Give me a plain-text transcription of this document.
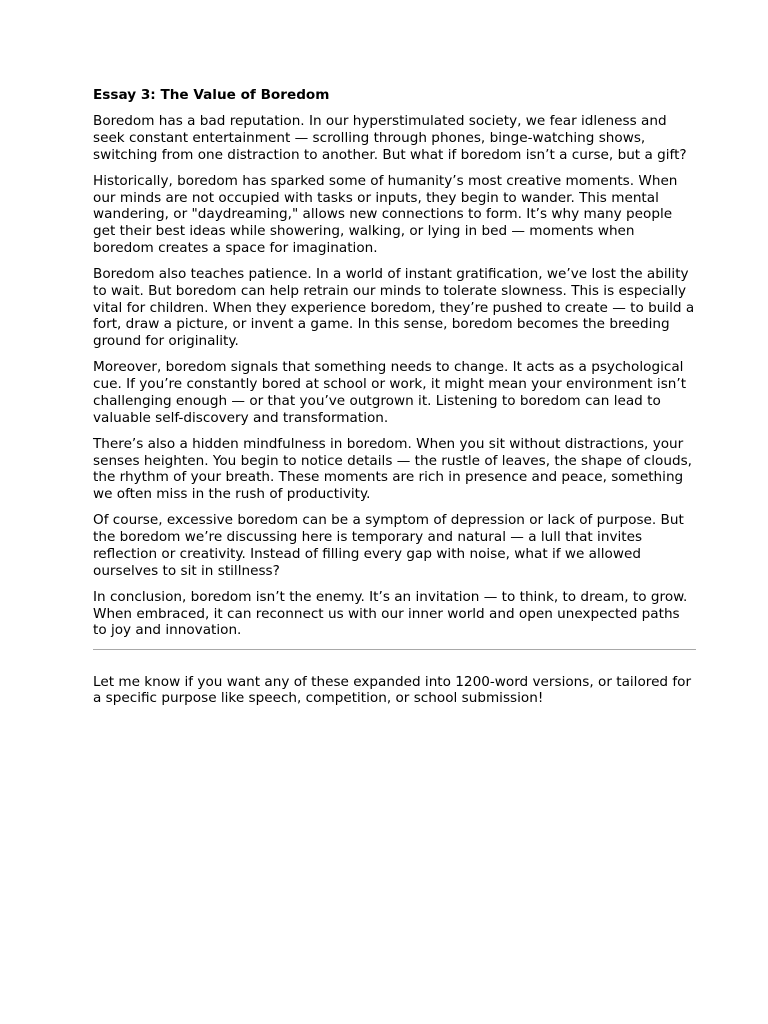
Essay 3: The Value of Boredom

Boredom has a bad reputation. In our hyperstimulated society, we fear idleness and seek constant entertainment — scrolling through phones, binge-watching shows, switching from one distraction to another. But what if boredom isn’t a curse, but a gift?

Historically, boredom has sparked some of humanity’s most creative moments. When our minds are not occupied with tasks or inputs, they begin to wander. This mental wandering, or "daydreaming," allows new connections to form. It’s why many people get their best ideas while showering, walking, or lying in bed — moments when boredom creates a space for imagination.

Boredom also teaches patience. In a world of instant gratification, we’ve lost the ability to wait. But boredom can help retrain our minds to tolerate slowness. This is especially vital for children. When they experience boredom, they’re pushed to create — to build a fort, draw a picture, or invent a game. In this sense, boredom becomes the breeding ground for originality.

Moreover, boredom signals that something needs to change. It acts as a psychological cue. If you’re constantly bored at school or work, it might mean your environment isn’t challenging enough — or that you’ve outgrown it. Listening to boredom can lead to valuable self-discovery and transformation.

There’s also a hidden mindfulness in boredom. When you sit without distractions, your senses heighten. You begin to notice details — the rustle of leaves, the shape of clouds, the rhythm of your breath. These moments are rich in presence and peace, something we often miss in the rush of productivity.

Of course, excessive boredom can be a symptom of depression or lack of purpose. But the boredom we’re discussing here is temporary and natural — a lull that invites reflection or creativity. Instead of filling every gap with noise, what if we allowed ourselves to sit in stillness?

In conclusion, boredom isn’t the enemy. It’s an invitation — to think, to dream, to grow. When embraced, it can reconnect us with our inner world and open unexpected paths to joy and innovation.

Let me know if you want any of these expanded into 1200-word versions, or tailored for a specific purpose like speech, competition, or school submission!
